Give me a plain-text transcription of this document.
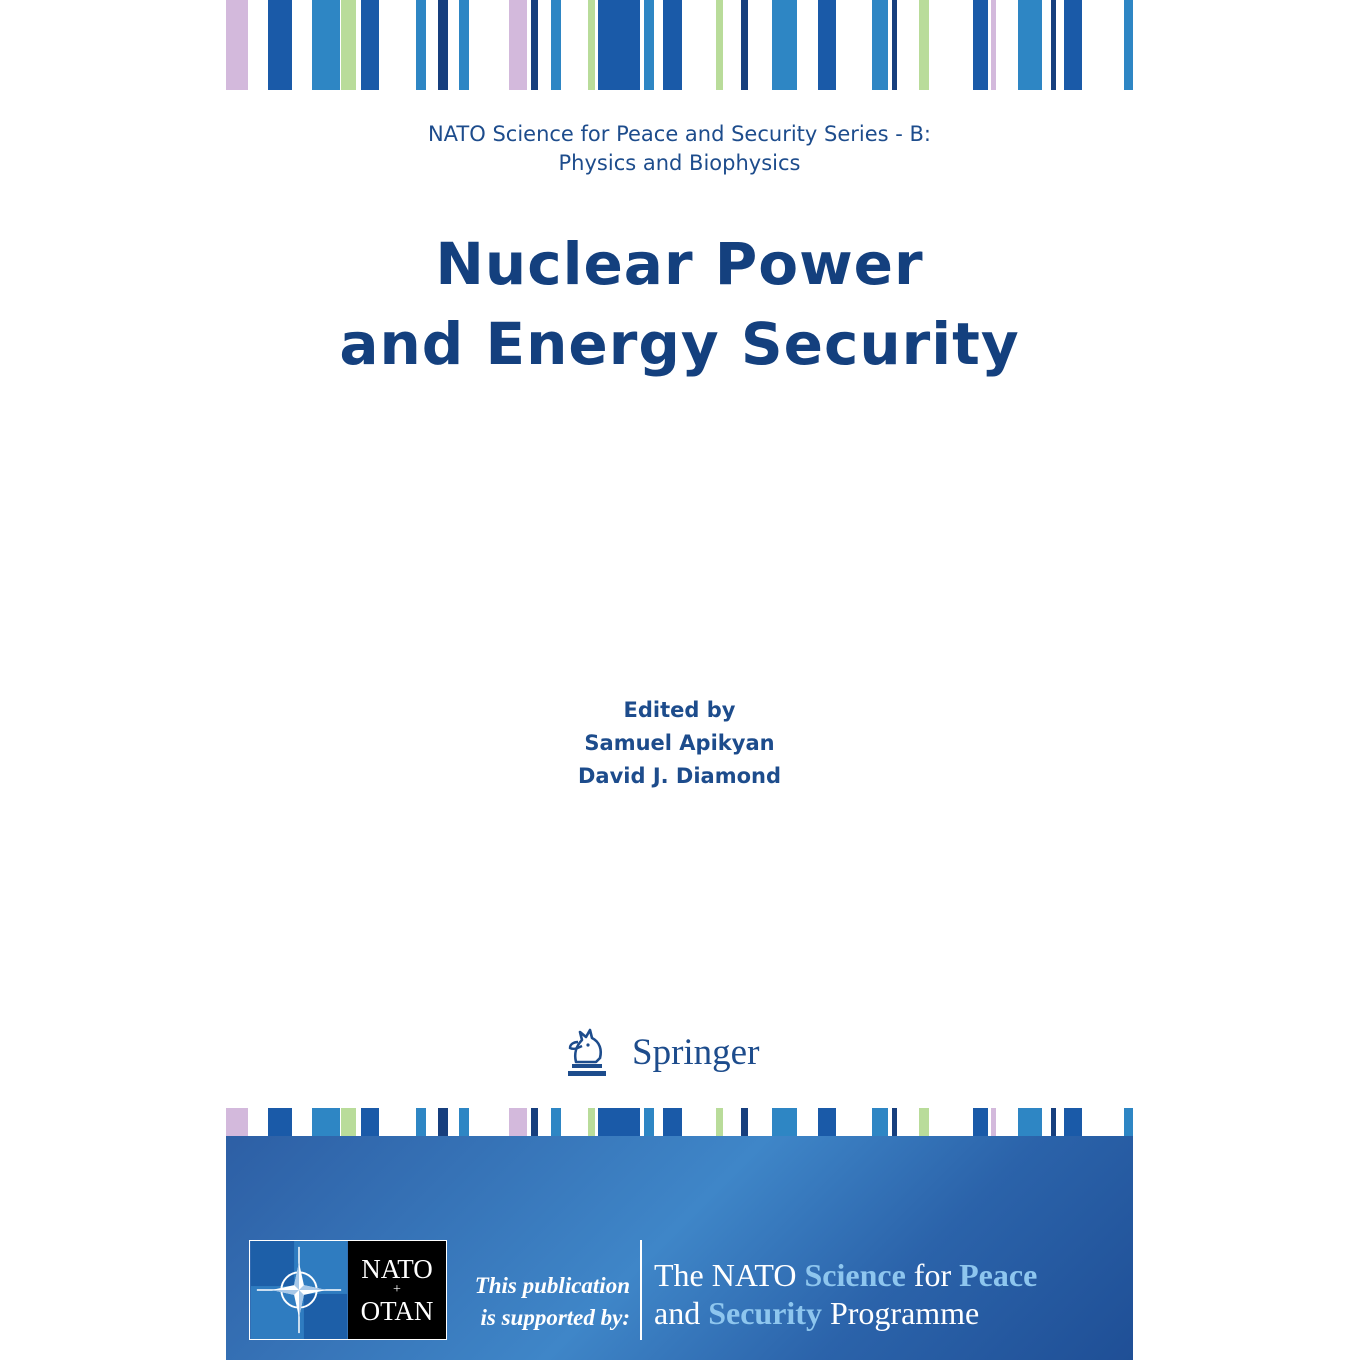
NATO Science for Peace and Security Series - B:
Physics and Biophysics
Nuclear Power
and Energy Security
Edited by
Samuel Apikyan
David J. Diamond
Springer
NATO
+
OTAN
This publication
is supported by:
The NATO Science for Peace
and Security Programme
